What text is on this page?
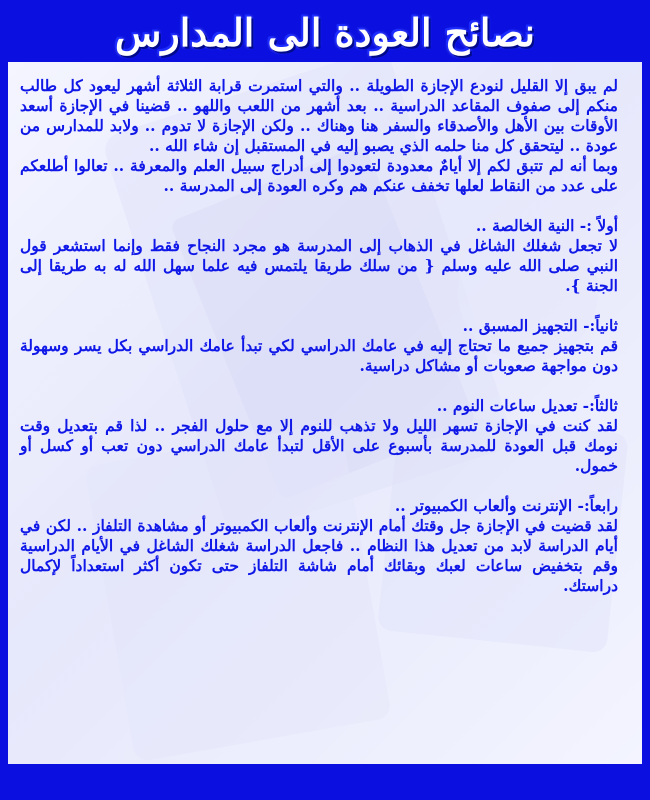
نصائح العودة الى المدارس

لم يبق إلا القليل لنودع الإجازة الطويلة .. والتي استمرت قرابة الثلاثة أشهر ليعود كل طالب منكم إلى صفوف المقاعد الدراسية .. بعد أشهر من اللعب واللهو .. قضينا في الإجازة أسعد الأوقات بين الأهل والأصدقاء والسفر هنا وهناك .. ولكن الإجازة لا تدوم .. ولابد للمدارس من عودة .. ليتحقق كل منا حلمه الذي يصبو إليه في المستقبل إن شاء الله ..

وبما أنه لم تتبق لكم إلا أيامٌ معدودة لتعودوا إلى أدراج سبيل العلم والمعرفة .. تعالوا أطلعكم على عدد من النقاط لعلها تخفف عنكم هم وكره العودة إلى المدرسة ..

أولاً :- النية الخالصة ..

لا تجعل شغلك الشاغل في الذهاب إلى المدرسة هو مجرد النجاح فقط وإنما استشعر قول النبي صلى الله عليه وسلم { من سلك طريقا يلتمس فيه علما سهل الله له به طريقا إلى الجنة }.

ثانياً:- التجهيز المسبق ..

قم بتجهيز جميع ما تحتاج إليه في عامك الدراسي لكي تبدأ عامك الدراسي بكل يسر وسهولة دون مواجهة صعوبات أو مشاكل دراسية.

ثالثاً:- تعديل ساعات النوم ..

لقد كنت في الإجازة تسهر الليل ولا تذهب للنوم إلا مع حلول الفجر .. لذا قم بتعديل وقت نومك قبل العودة للمدرسة بأسبوع على الأقل لتبدأ عامك الدراسي دون تعب أو كسل أو خمول.

رابعاً:- الإنترنت وألعاب الكمبيوتر ..

لقد قضيت في الإجازة جل وقتك أمام الإنترنت وألعاب الكمبيوتر أو مشاهدة التلفاز .. لكن في أيام الدراسة لابد من تعديل هذا النظام .. فاجعل الدراسة شغلك الشاغل في الأيام الدراسية وقم بتخفيض ساعات لعبك وبقائك أمام شاشة التلفاز حتى تكون أكثر استعداداً لإكمال دراستك.
